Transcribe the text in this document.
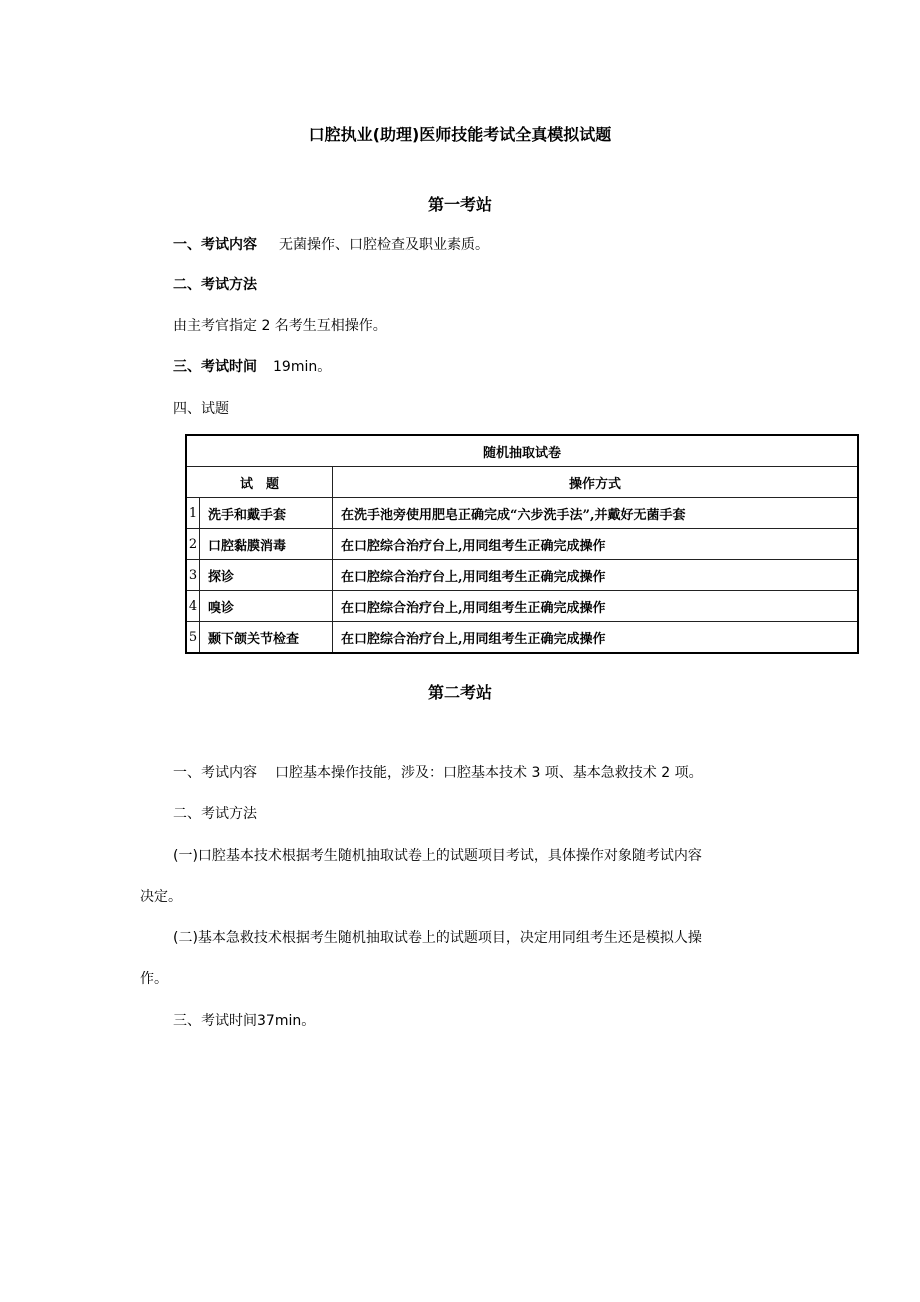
口腔执业(助理)医师技能考试全真模拟试题
第一考站
一、考试内容 无菌操作、口腔检查及职业素质。
二、考试方法
由主考官指定 2 名考生互相操作。
三、考试时间 19min。
四、试题
随机抽取试卷		
试　题		操作方式
1	洗手和戴手套	在洗手池旁使用肥皂正确完成“六步洗手法”,并戴好无菌手套
2	口腔黏膜消毒	在口腔综合治疗台上,用同组考生正确完成操作
3	探诊	在口腔综合治疗台上,用同组考生正确完成操作
4	嗅诊	在口腔综合治疗台上,用同组考生正确完成操作
5	颞下颌关节检查	在口腔综合治疗台上,用同组考生正确完成操作
第二考站
一、考试内容 口腔基本操作技能，涉及：口腔基本技术 3 项、基本急救技术 2 项。
二、考试方法
(一)口腔基本技术根据考生随机抽取试卷上的试题项目考试，具体操作对象随考试内容
决定。
(二)基本急救技术根据考生随机抽取试卷上的试题项目，决定用同组考生还是模拟人操
作。
三、考试时间37min。
